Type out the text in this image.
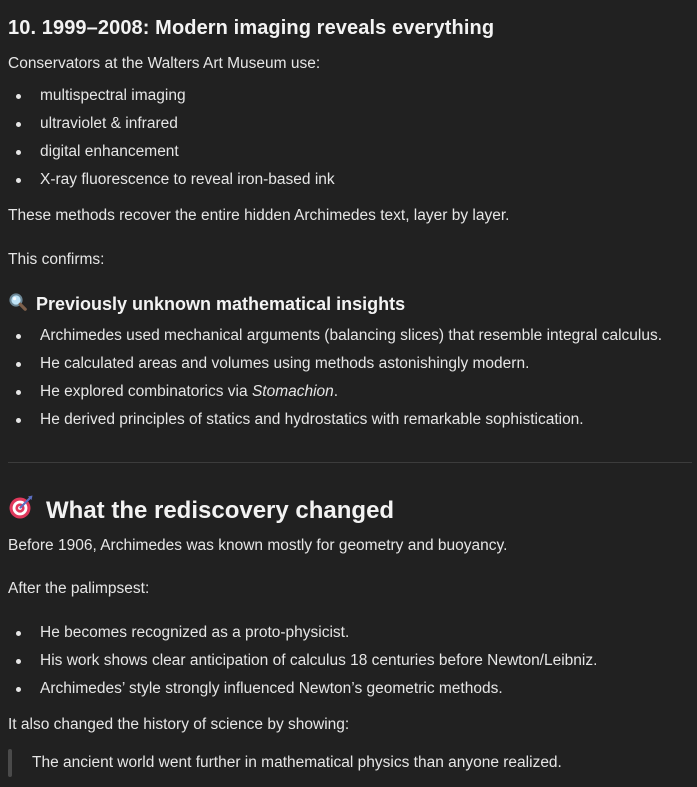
10. 1999–2008: Modern imaging reveals everything

Conservators at the Walters Art Museum use:

multispectral imaging
ultraviolet & infrared
digital enhancement
X-ray fluorescence to reveal iron-based ink

These methods recover the entire hidden Archimedes text, layer by layer.

This confirms:

Previously unknown mathematical insights
Archimedes used mechanical arguments (balancing slices) that resemble integral calculus.
He calculated areas and volumes using methods astonishingly modern.
He explored combinatorics via Stomachion.
He derived principles of statics and hydrostatics with remarkable sophistication.
What the rediscovery changed

Before 1906, Archimedes was known mostly for geometry and buoyancy.

After the palimpsest:

He becomes recognized as a proto-physicist.
His work shows clear anticipation of calculus 18 centuries before Newton/Leibniz.
Archimedes’ style strongly influenced Newton’s geometric methods.

It also changed the history of science by showing:

The ancient world went further in mathematical physics than anyone realized.
